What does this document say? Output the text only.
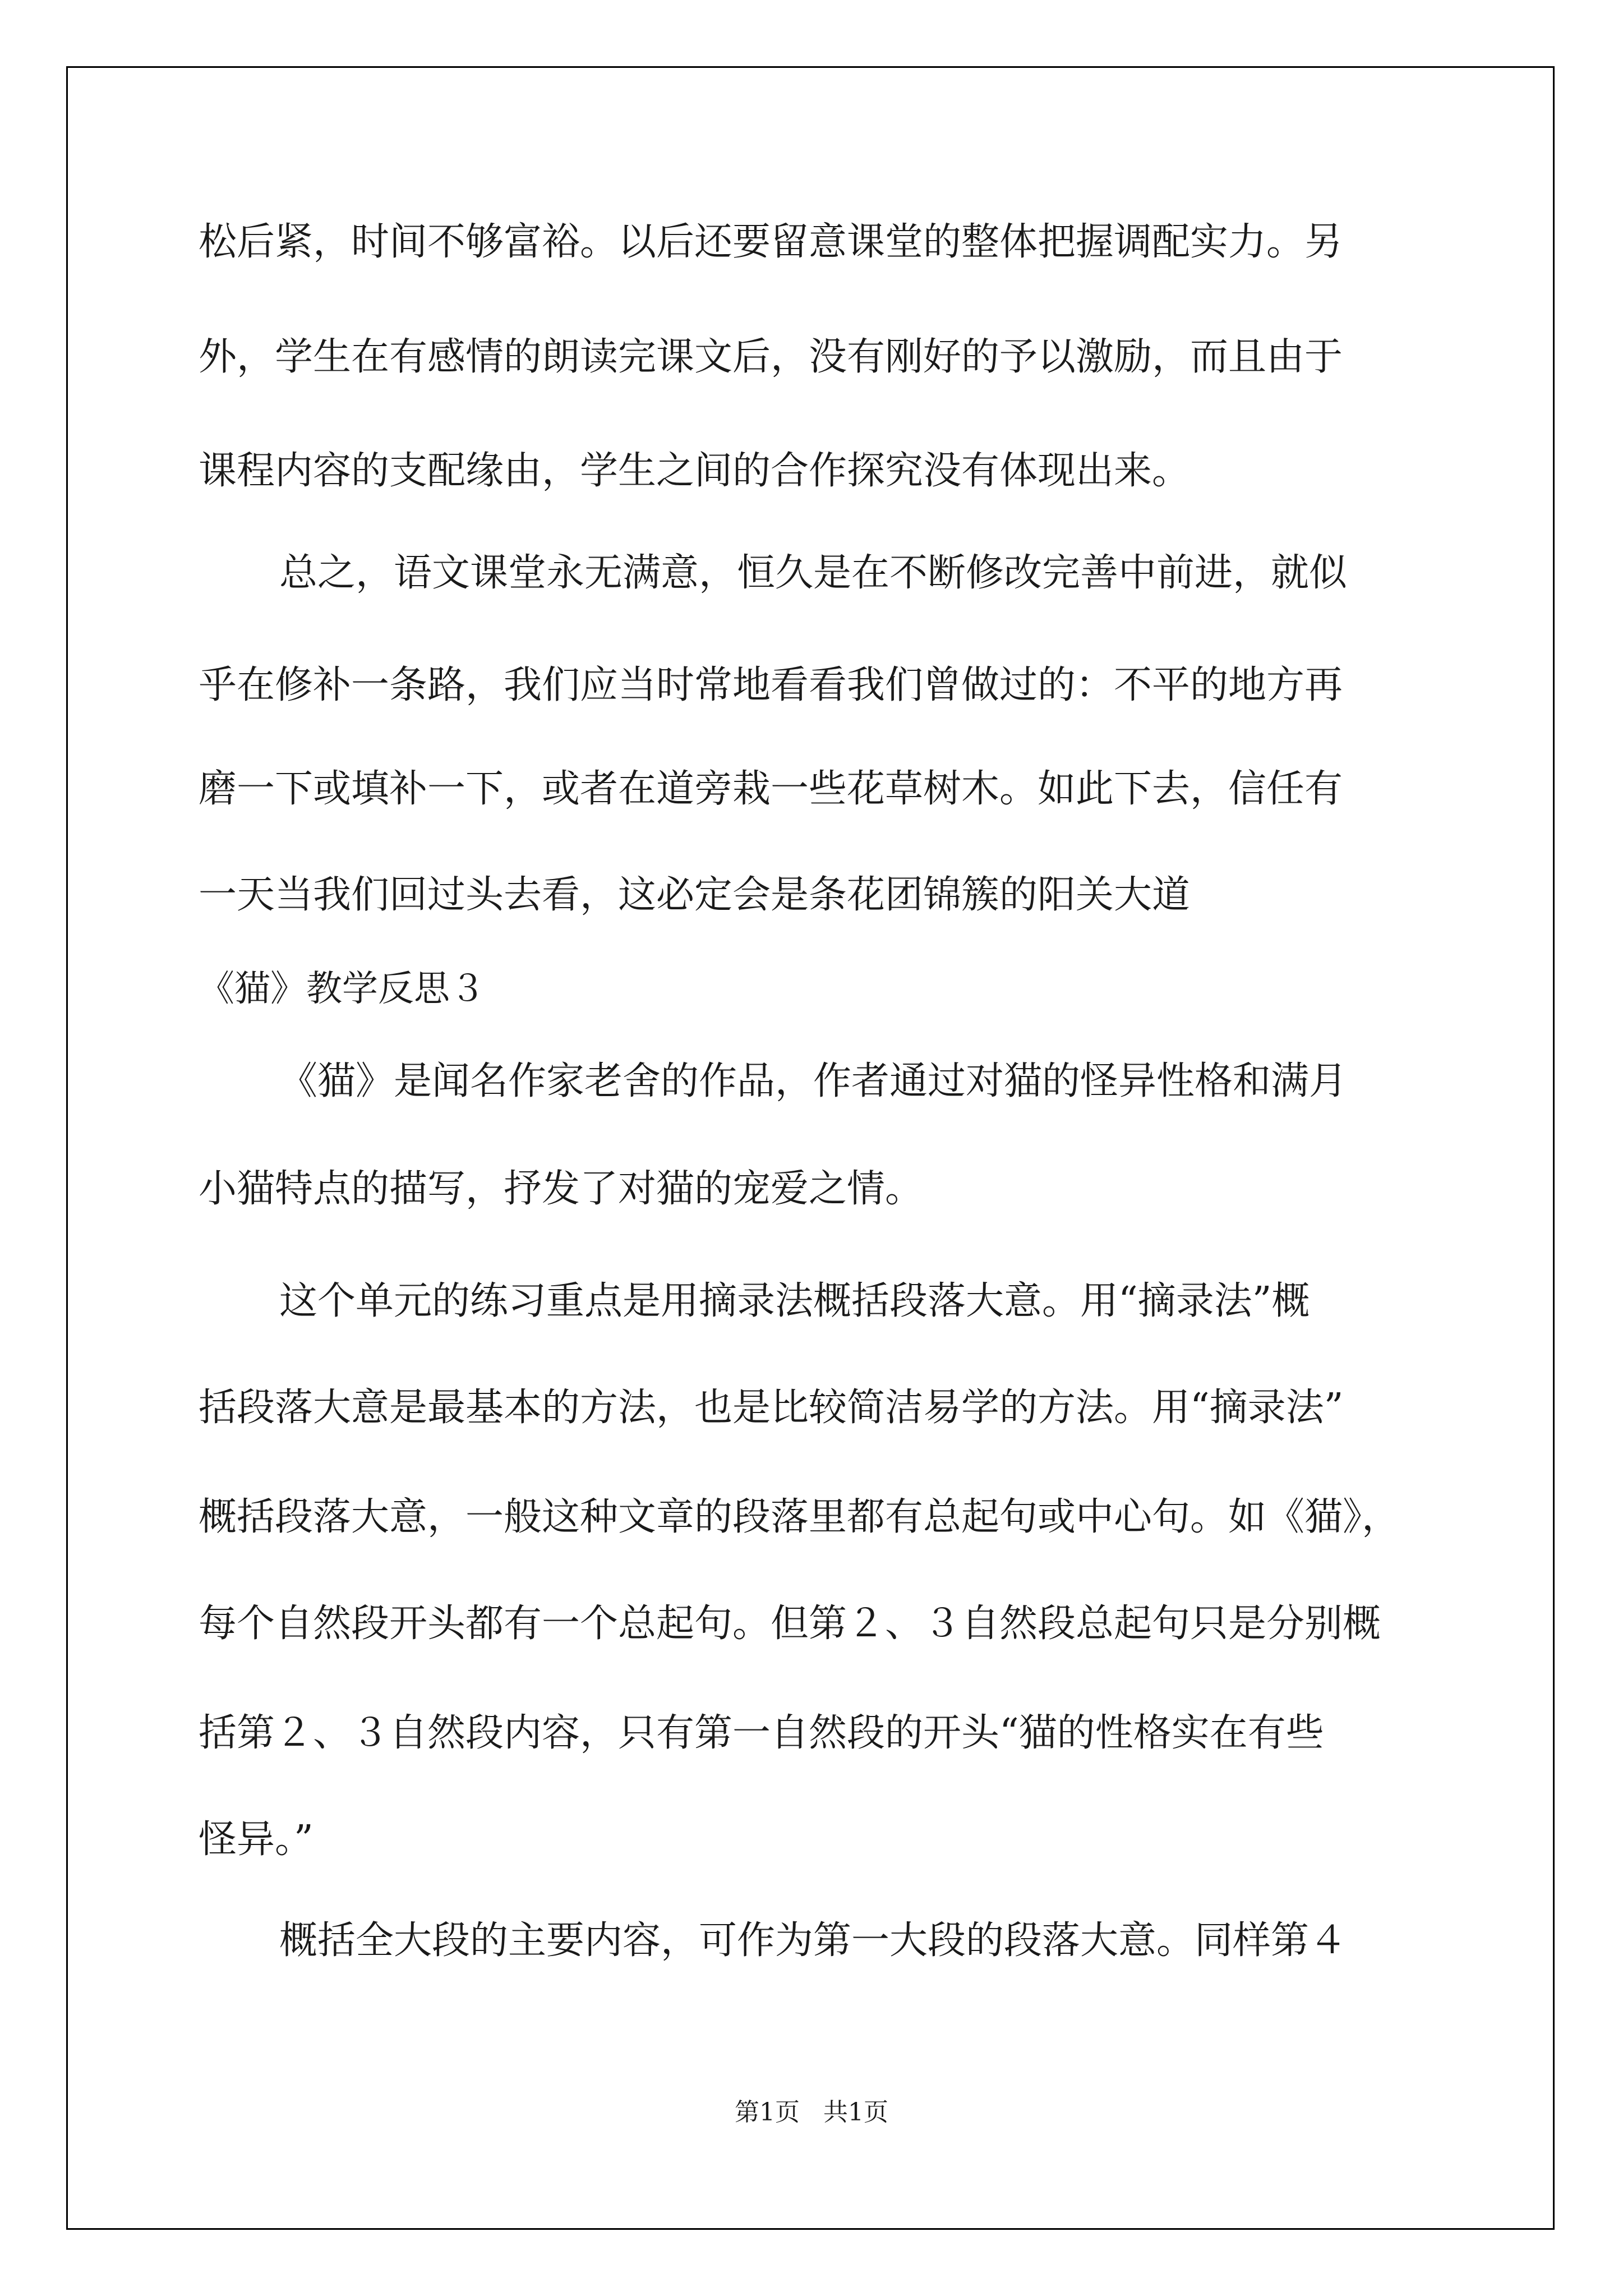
松后紧，时间不够富裕。以后还要留意课堂的整体把握调配实力。另

外，学生在有感情的朗读完课文后，没有刚好的予以激励，而且由于

课程内容的支配缘由，学生之间的合作探究没有体现出来。

总之，语文课堂永无满意，恒久是在不断修改完善中前进，就似

乎在修补一条路，我们应当时常地看看我们曾做过的：不平的地方再

磨一下或填补一下，或者在道旁栽一些花草树木。如此下去，信任有

一天当我们回过头去看，这必定会是条花团锦簇的阳关大道

《猫》教学反思３

《猫》是闻名作家老舍的作品，作者通过对猫的怪异性格和满月

小猫特点的描写，抒发了对猫的宠爱之情。

这个单元的练习重点是用摘录法概括段落大意。用“摘录法”概

括段落大意是最基本的方法，也是比较简洁易学的方法。用“摘录法”

概括段落大意，一般这种文章的段落里都有总起句或中心句。如《猫》，

每个自然段开头都有一个总起句。但第２、３自然段总起句只是分别概

括第２、３自然段内容，只有第一自然段的开头“猫的性格实在有些

怪异。”

概括全大段的主要内容，可作为第一大段的段落大意。同样第４

第1页   共1页
